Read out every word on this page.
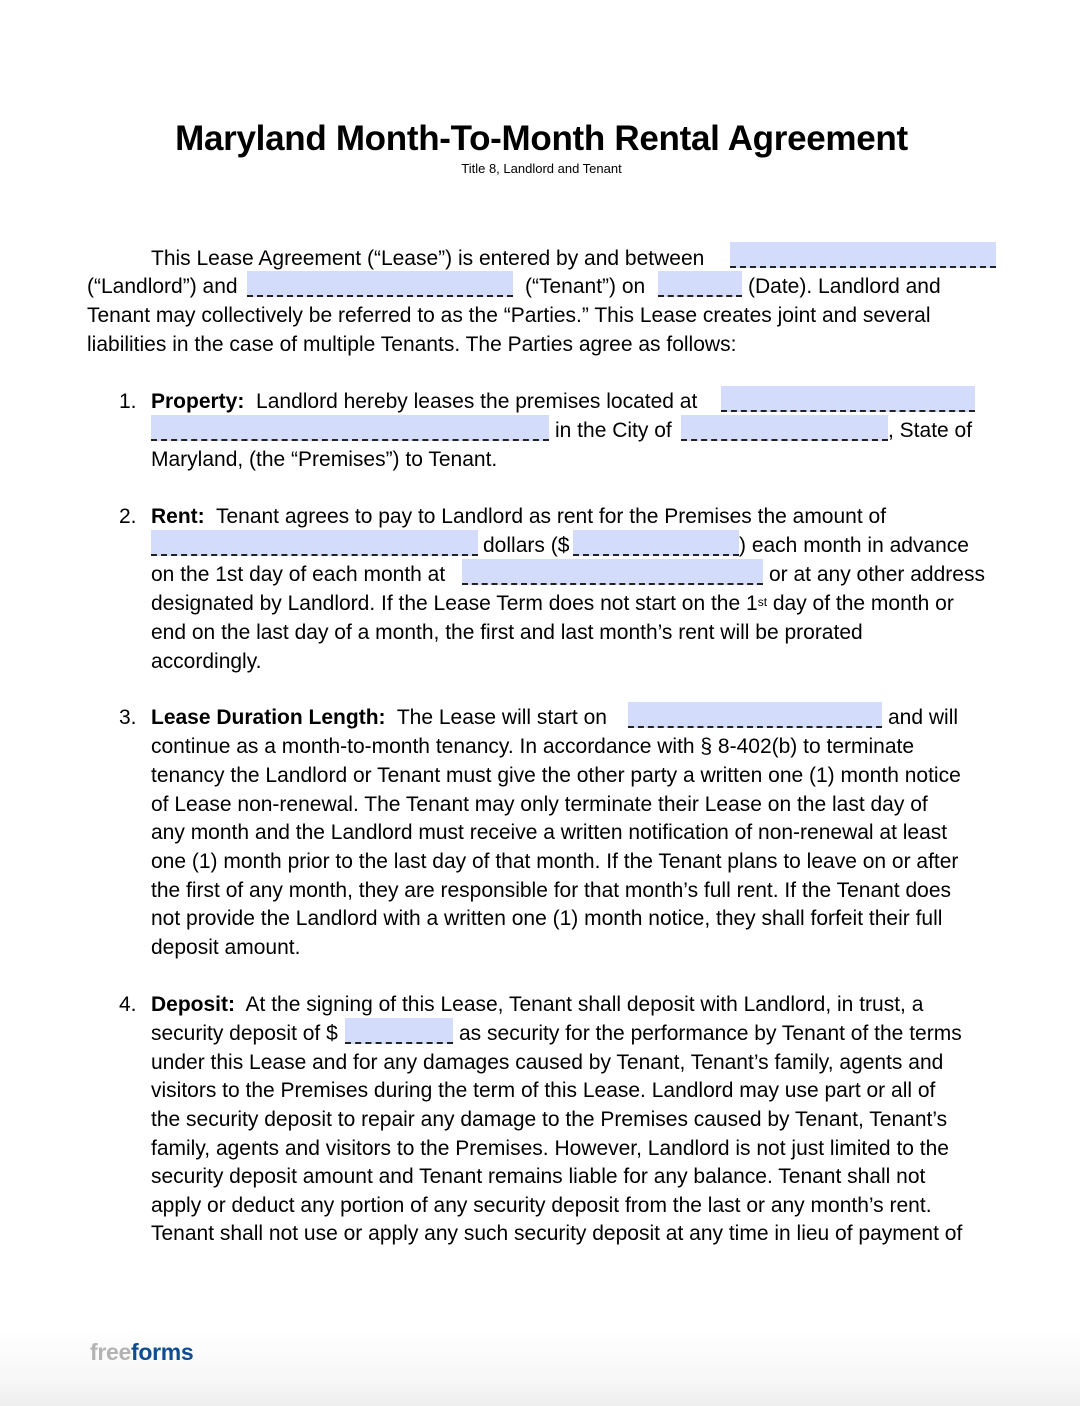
Maryland Month-To-Month Rental Agreement
Title 8, Landlord and Tenant
This Lease Agreement (“Lease”) is entered by and between
(“Landlord”) and	(“Tenant”) on	(Date). Landlord and
Tenant may collectively be referred to as the “Parties.” This Lease creates joint and several
liabilities in the case of multiple Tenants. The Parties agree as follows:
1. Property: Landlord hereby leases the premises located at
in the City of	, State of
Maryland, (the “Premises”) to Tenant.
2. Rent: Tenant agrees to pay to Landlord as rent for the Premises the amount of
dollars ($	) each month in advance
on the 1st day of each month at	or at any other address
designated by Landlord. If the Lease Term does not start on the 1st day of the month or
end on the last day of a month, the first and last month’s rent will be prorated
accordingly.
3. Lease Duration Length: The Lease will start on	and will
continue as a month-to-month tenancy. In accordance with § 8-402(b) to terminate
tenancy the Landlord or Tenant must give the other party a written one (1) month notice
of Lease non-renewal. The Tenant may only terminate their Lease on the last day of
any month and the Landlord must receive a written notification of non-renewal at least
one (1) month prior to the last day of that month. If the Tenant plans to leave on or after
the first of any month, they are responsible for that month’s full rent. If the Tenant does
not provide the Landlord with a written one (1) month notice, they shall forfeit their full
deposit amount.
4. Deposit: At the signing of this Lease, Tenant shall deposit with Landlord, in trust, a
security deposit of $	as security for the performance by Tenant of the terms
under this Lease and for any damages caused by Tenant, Tenant’s family, agents and
visitors to the Premises during the term of this Lease. Landlord may use part or all of
the security deposit to repair any damage to the Premises caused by Tenant, Tenant’s
family, agents and visitors to the Premises. However, Landlord is not just limited to the
security deposit amount and Tenant remains liable for any balance. Tenant shall not
apply or deduct any portion of any security deposit from the last or any month’s rent.
Tenant shall not use or apply any such security deposit at any time in lieu of payment of
freeforms
